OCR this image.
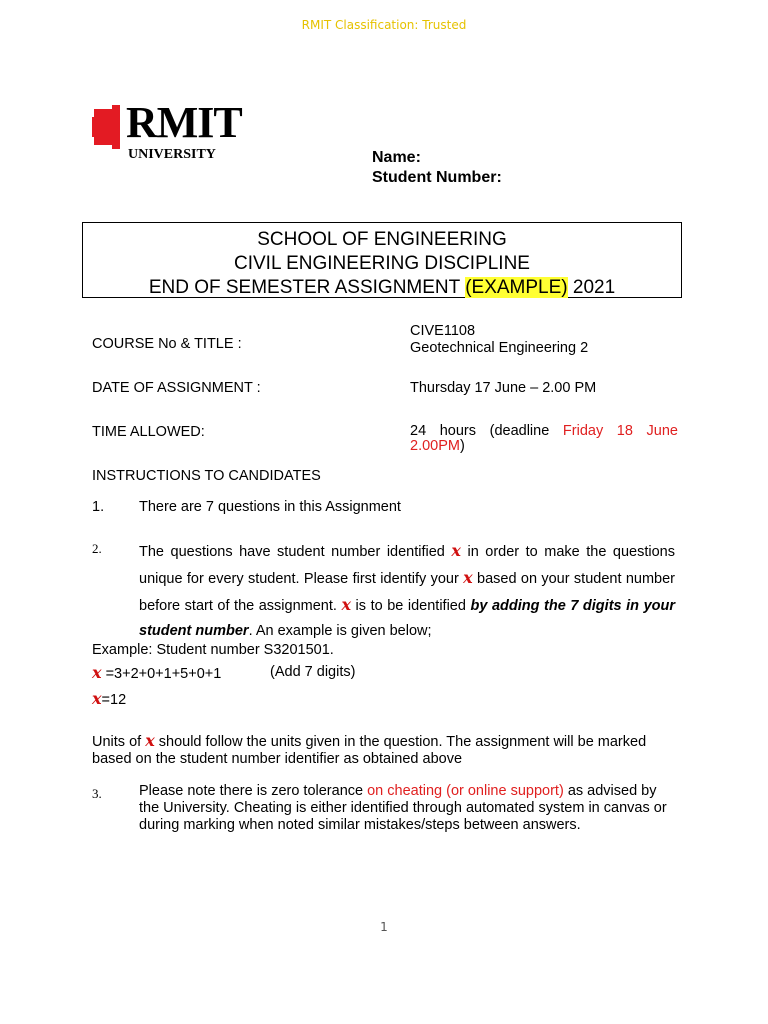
RMIT Classification: Trusted
RMIT
UNIVERSITY	Name:
Student Number:
SCHOOL OF ENGINEERING
CIVIL ENGINEERING DISCIPLINE
END OF SEMESTER ASSIGNMENT (EXAMPLE) 2021
COURSE No & TITLE :
CIVE1108
Geotechnical Engineering 2
DATE OF ASSIGNMENT :	Thursday 17 June – 2.00 PM
TIME ALLOWED:	24 hours (deadline Friday 18 June 2.00PM)
INSTRUCTIONS TO CANDIDATES
1. There are 7 questions in this Assignment
2.	The questions have student number identified x in order to make the questions unique for every student. Please first identify your x based on your student number before start of the assignment. x is to be identified by adding the 7 digits in your student number. An example is given below;
Example: Student number S3201501.
x =3+2+0+1+5+0+1	(Add 7 digits)
x=12
Units of x should follow the units given in the question. The assignment will be marked based on the student number identifier as obtained above
3.	Please note there is zero tolerance on cheating (or online support) as advised by the University. Cheating is either identified through automated system in canvas or during marking when noted similar mistakes/steps between answers.
1
